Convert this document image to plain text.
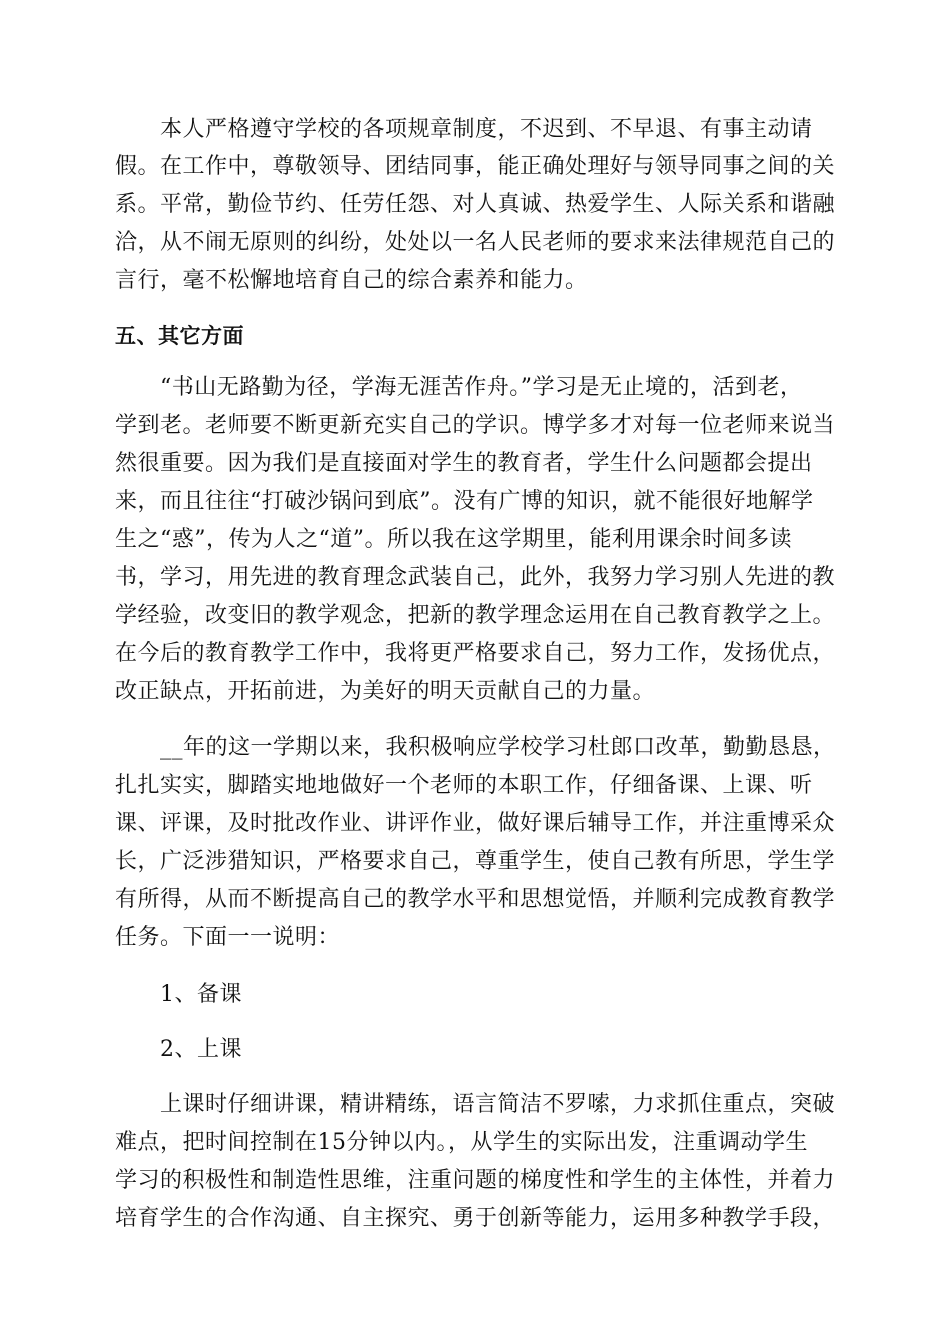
本人严格遵守学校的各项规章制度，不迟到、不早退、有事主动请
假。在工作中，尊敬领导、团结同事，能正确处理好与领导同事之间的关
系。平常，勤俭节约、任劳任怨、对人真诚、热爱学生、人际关系和谐融
洽，从不闹无原则的纠纷，处处以一名人民老师的要求来法律规范自己的
言行，毫不松懈地培育自己的综合素养和能力。
五、其它方面
“书山无路勤为径，学海无涯苦作舟。”学习是无止境的，活到老，
学到老。老师要不断更新充实自己的学识。博学多才对每一位老师来说当
然很重要。因为我们是直接面对学生的教育者，学生什么问题都会提出
来，而且往往“打破沙锅问到底”。没有广博的知识，就不能很好地解学
生之“惑”，传为人之“道”。所以我在这学期里，能利用课余时间多读
书，学习，用先进的教育理念武装自己，此外，我努力学习别人先进的教
学经验，改变旧的教学观念，把新的教学理念运用在自己教育教学之上。
在今后的教育教学工作中，我将更严格要求自己，努力工作，发扬优点，
改正缺点，开拓前进，为美好的明天贡献自己的力量。
__年的这一学期以来，我积极响应学校学习杜郎口改革，勤勤恳恳，
扎扎实实，脚踏实地地做好一个老师的本职工作，仔细备课、上课、听
课、评课，及时批改作业、讲评作业，做好课后辅导工作，并注重博采众
长，广泛涉猎知识，严格要求自己，尊重学生，使自己教有所思，学生学
有所得，从而不断提高自己的教学水平和思想觉悟，并顺利完成教育教学
任务。下面一一说明：
1、备课
2、上课
上课时仔细讲课，精讲精练，语言简洁不罗嗦，力求抓住重点，突破
难点，把时间控制在15分钟以内。，从学生的实际出发，注重调动学生
学习的积极性和制造性思维，注重问题的梯度性和学生的主体性，并着力
培育学生的合作沟通、自主探究、勇于创新等能力，运用多种教学手段，
